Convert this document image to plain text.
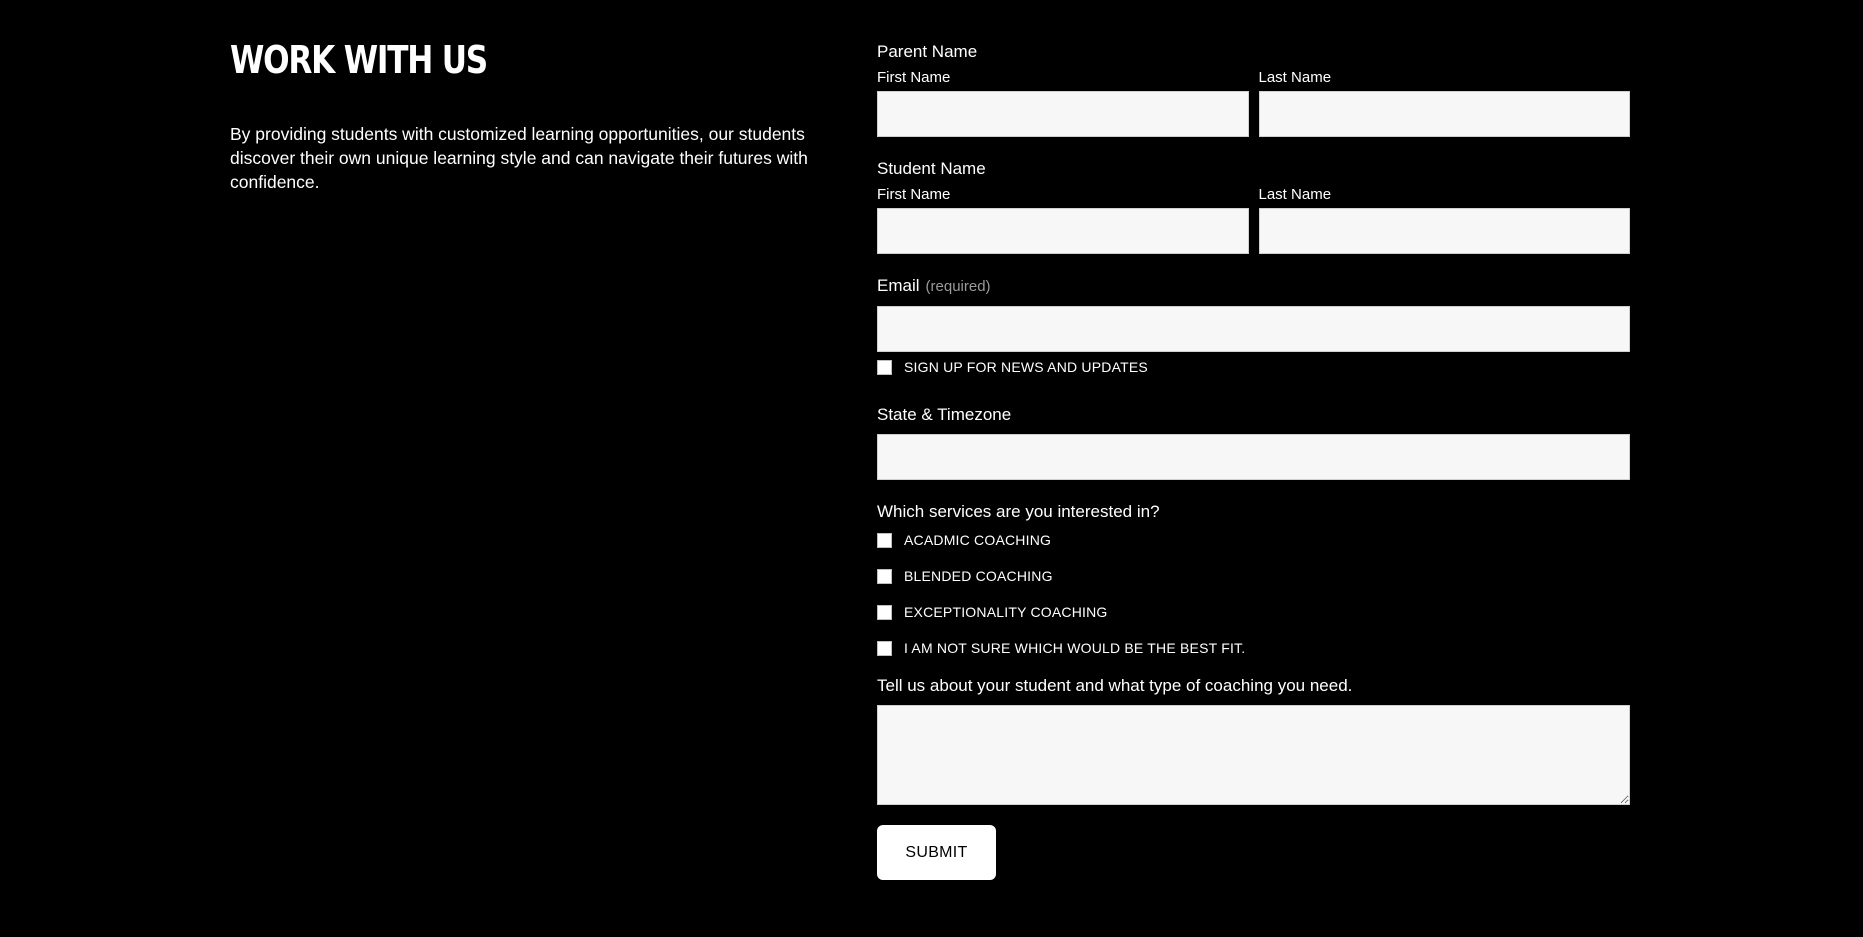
WORK WITH US

By providing students with customized learning opportunities, our students discover their own unique learning style and can navigate their futures with confidence.

Parent Name
First Name	Last Name
Student Name
First Name	Last Name
Email (required)
SIGN UP FOR NEWS AND UPDATES
State & Timezone
Which services are you interested in?
ACADMIC COACHING
BLENDED COACHING
EXCEPTIONALITY COACHING
I AM NOT SURE WHICH WOULD BE THE BEST FIT.
Tell us about your student and what type of coaching you need.
SUBMIT
